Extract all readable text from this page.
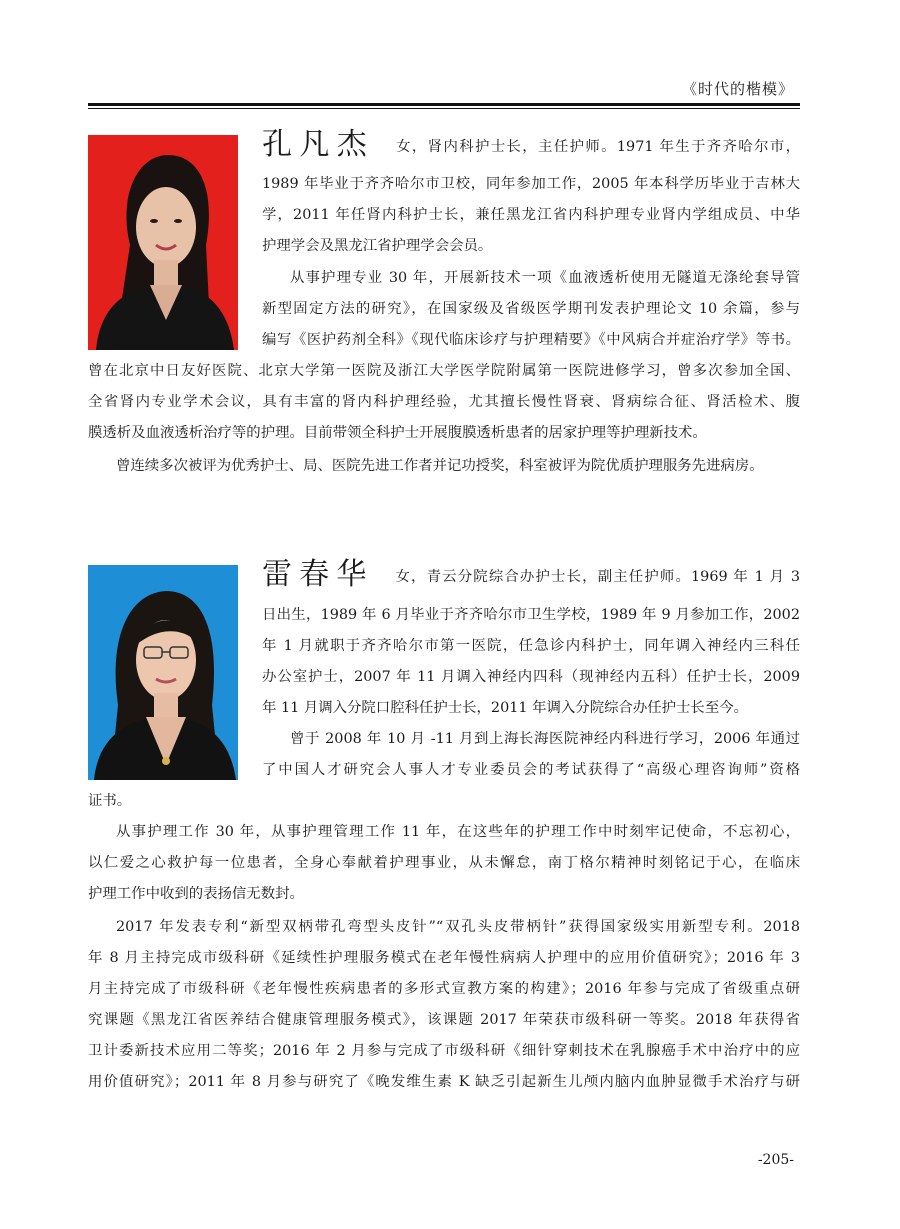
《时代的楷模》

孔凡杰 女，肾内科护士长，主任护师。1971 年生于齐齐哈尔市，

1989 年毕业于齐齐哈尔市卫校，同年参加工作，2005 年本科学历毕业于吉林大

学，2011 年任肾内科护士长，兼任黑龙江省内科护理专业肾内学组成员、中华

护理学会及黑龙江省护理学会会员。

从事护理专业 30 年，开展新技术一项《血液透析使用无隧道无涤纶套导管

新型固定方法的研究》，在国家级及省级医学期刊发表护理论文 10 余篇，参与

编写《医护药剂全科》《现代临床诊疗与护理精要》《中风病合并症治疗学》等书。

曾在北京中日友好医院、北京大学第一医院及浙江大学医学院附属第一医院进修学习，曾多次参加全国、

全省肾内专业学术会议，具有丰富的肾内科护理经验，尤其擅长慢性肾衰、肾病综合征、肾活检术、腹

膜透析及血液透析治疗等的护理。目前带领全科护士开展腹膜透析患者的居家护理等护理新技术。

曾连续多次被评为优秀护士、局、医院先进工作者并记功授奖，科室被评为院优质护理服务先进病房。

雷春华 女，青云分院综合办护士长，副主任护师。1969 年 1 月 3

日出生，1989 年 6 月毕业于齐齐哈尔市卫生学校，1989 年 9 月参加工作，2002

年 1 月就职于齐齐哈尔市第一医院，任急诊内科护士，同年调入神经内三科任

办公室护士，2007 年 11 月调入神经内四科（现神经内五科）任护士长，2009

年 11 月调入分院口腔科任护士长，2011 年调入分院综合办任护士长至今。

曾于 2008 年 10 月 -11 月到上海长海医院神经内科进行学习，2006 年通过

了中国人才研究会人事人才专业委员会的考试获得了“高级心理咨询师”资格

证书。

从事护理工作 30 年，从事护理管理工作 11 年，在这些年的护理工作中时刻牢记使命，不忘初心，

以仁爱之心救护每一位患者，全身心奉献着护理事业，从未懈怠，南丁格尔精神时刻铭记于心，在临床

护理工作中收到的表扬信无数封。

2017 年发表专利“新型双柄带孔弯型头皮针”“双孔头皮带柄针”获得国家级实用新型专利。2018

年 8 月主持完成市级科研《延续性护理服务模式在老年慢性病病人护理中的应用价值研究》；2016 年 3

月主持完成了市级科研《老年慢性疾病患者的多形式宣教方案的构建》；2016 年参与完成了省级重点研

究课题《黑龙江省医养结合健康管理服务模式》，该课题 2017 年荣获市级科研一等奖。2018 年获得省

卫计委新技术应用二等奖；2016 年 2 月参与完成了市级科研《细针穿刺技术在乳腺癌手术中治疗中的应

用价值研究》；2011 年 8 月参与研究了《晚发维生素 K 缺乏引起新生儿颅内脑内血肿显微手术治疗与研

-205-
